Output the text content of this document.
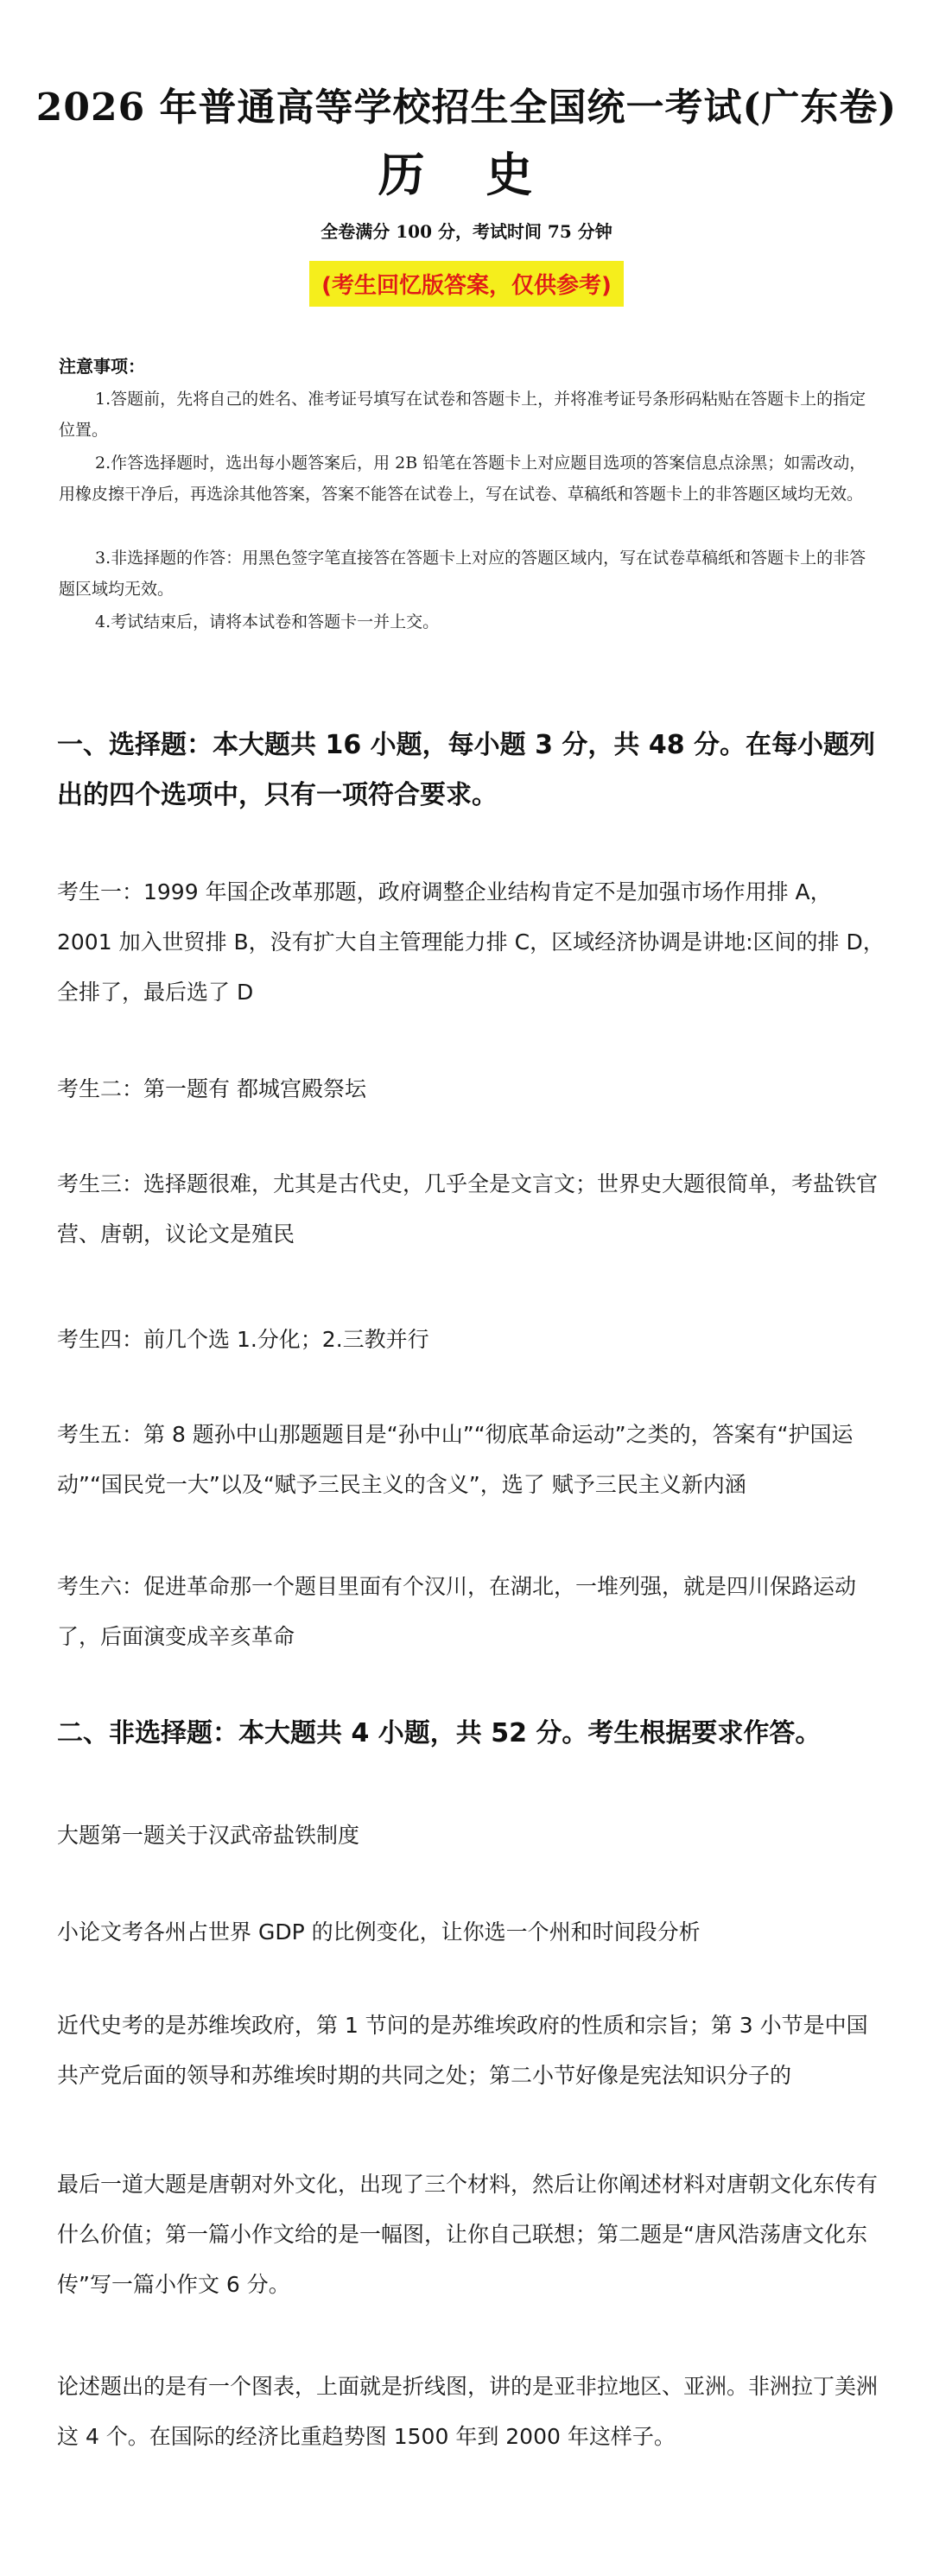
2026 年普通高等学校招生全国统一考试(广东卷)
历 史
全卷满分 100 分，考试时间 75 分钟
(考生回忆版答案，仅供参考)
注意事项：
1.答题前，先将自己的姓名、准考证号填写在试卷和答题卡上，并将准考证号条形码粘贴在答题卡上的指定位置。
2.作答选择题时，选出每小题答案后，用 2B 铅笔在答题卡上对应题目选项的答案信息点涂黑；如需改动，用橡皮擦干净后，再选涂其他答案，答案不能答在试卷上，写在试卷、草稿纸和答题卡上的非答题区域均无效。
3.非选择题的作答：用黑色签字笔直接答在答题卡上对应的答题区域内，写在试卷草稿纸和答题卡上的非答题区域均无效。
4.考试结束后，请将本试卷和答题卡一并上交。
一、选择题：本大题共 16 小题，每小题 3 分，共 48 分。在每小题列出的四个选项中，只有一项符合要求。
考生一：1999 年国企改革那题，政府调整企业结构肯定不是加强市场作用排 A，2001 加入世贸排 B，没有扩大自主管理能力排 C，区域经济协调是讲地:区间的排 D，全排了，最后选了 D
考生二：第一题有 都城宫殿祭坛
考生三：选择题很难，尤其是古代史，几乎全是文言文；世界史大题很简单，考盐铁官营、唐朝，议论文是殖民
考生四：前几个选 1.分化；2.三教并行
考生五：第 8 题孙中山那题题目是“孙中山”“彻底革命运动”之类的，答案有“护国运动”“国民党一大”以及“赋予三民主义的含义”，选了 赋予三民主义新内涵
考生六：促进革命那一个题目里面有个汉川，在湖北，一堆列强，就是四川保路运动了，后面演变成辛亥革命
二、非选择题：本大题共 4 小题，共 52 分。考生根据要求作答。
大题第一题关于汉武帝盐铁制度
小论文考各州占世界 GDP 的比例变化，让你选一个州和时间段分析
近代史考的是苏维埃政府，第 1 节问的是苏维埃政府的性质和宗旨；第 3 小节是中国共产党后面的领导和苏维埃时期的共同之处；第二小节好像是宪法知识分子的
最后一道大题是唐朝对外文化，出现了三个材料，然后让你阐述材料对唐朝文化东传有什么价值；第一篇小作文给的是一幅图，让你自己联想；第二题是“唐风浩荡唐文化东传”写一篇小作文 6 分。
论述题出的是有一个图表，上面就是折线图，讲的是亚非拉地区、亚洲。非洲拉丁美洲这 4 个。在国际的经济比重趋势图 1500 年到 2000 年这样子。
